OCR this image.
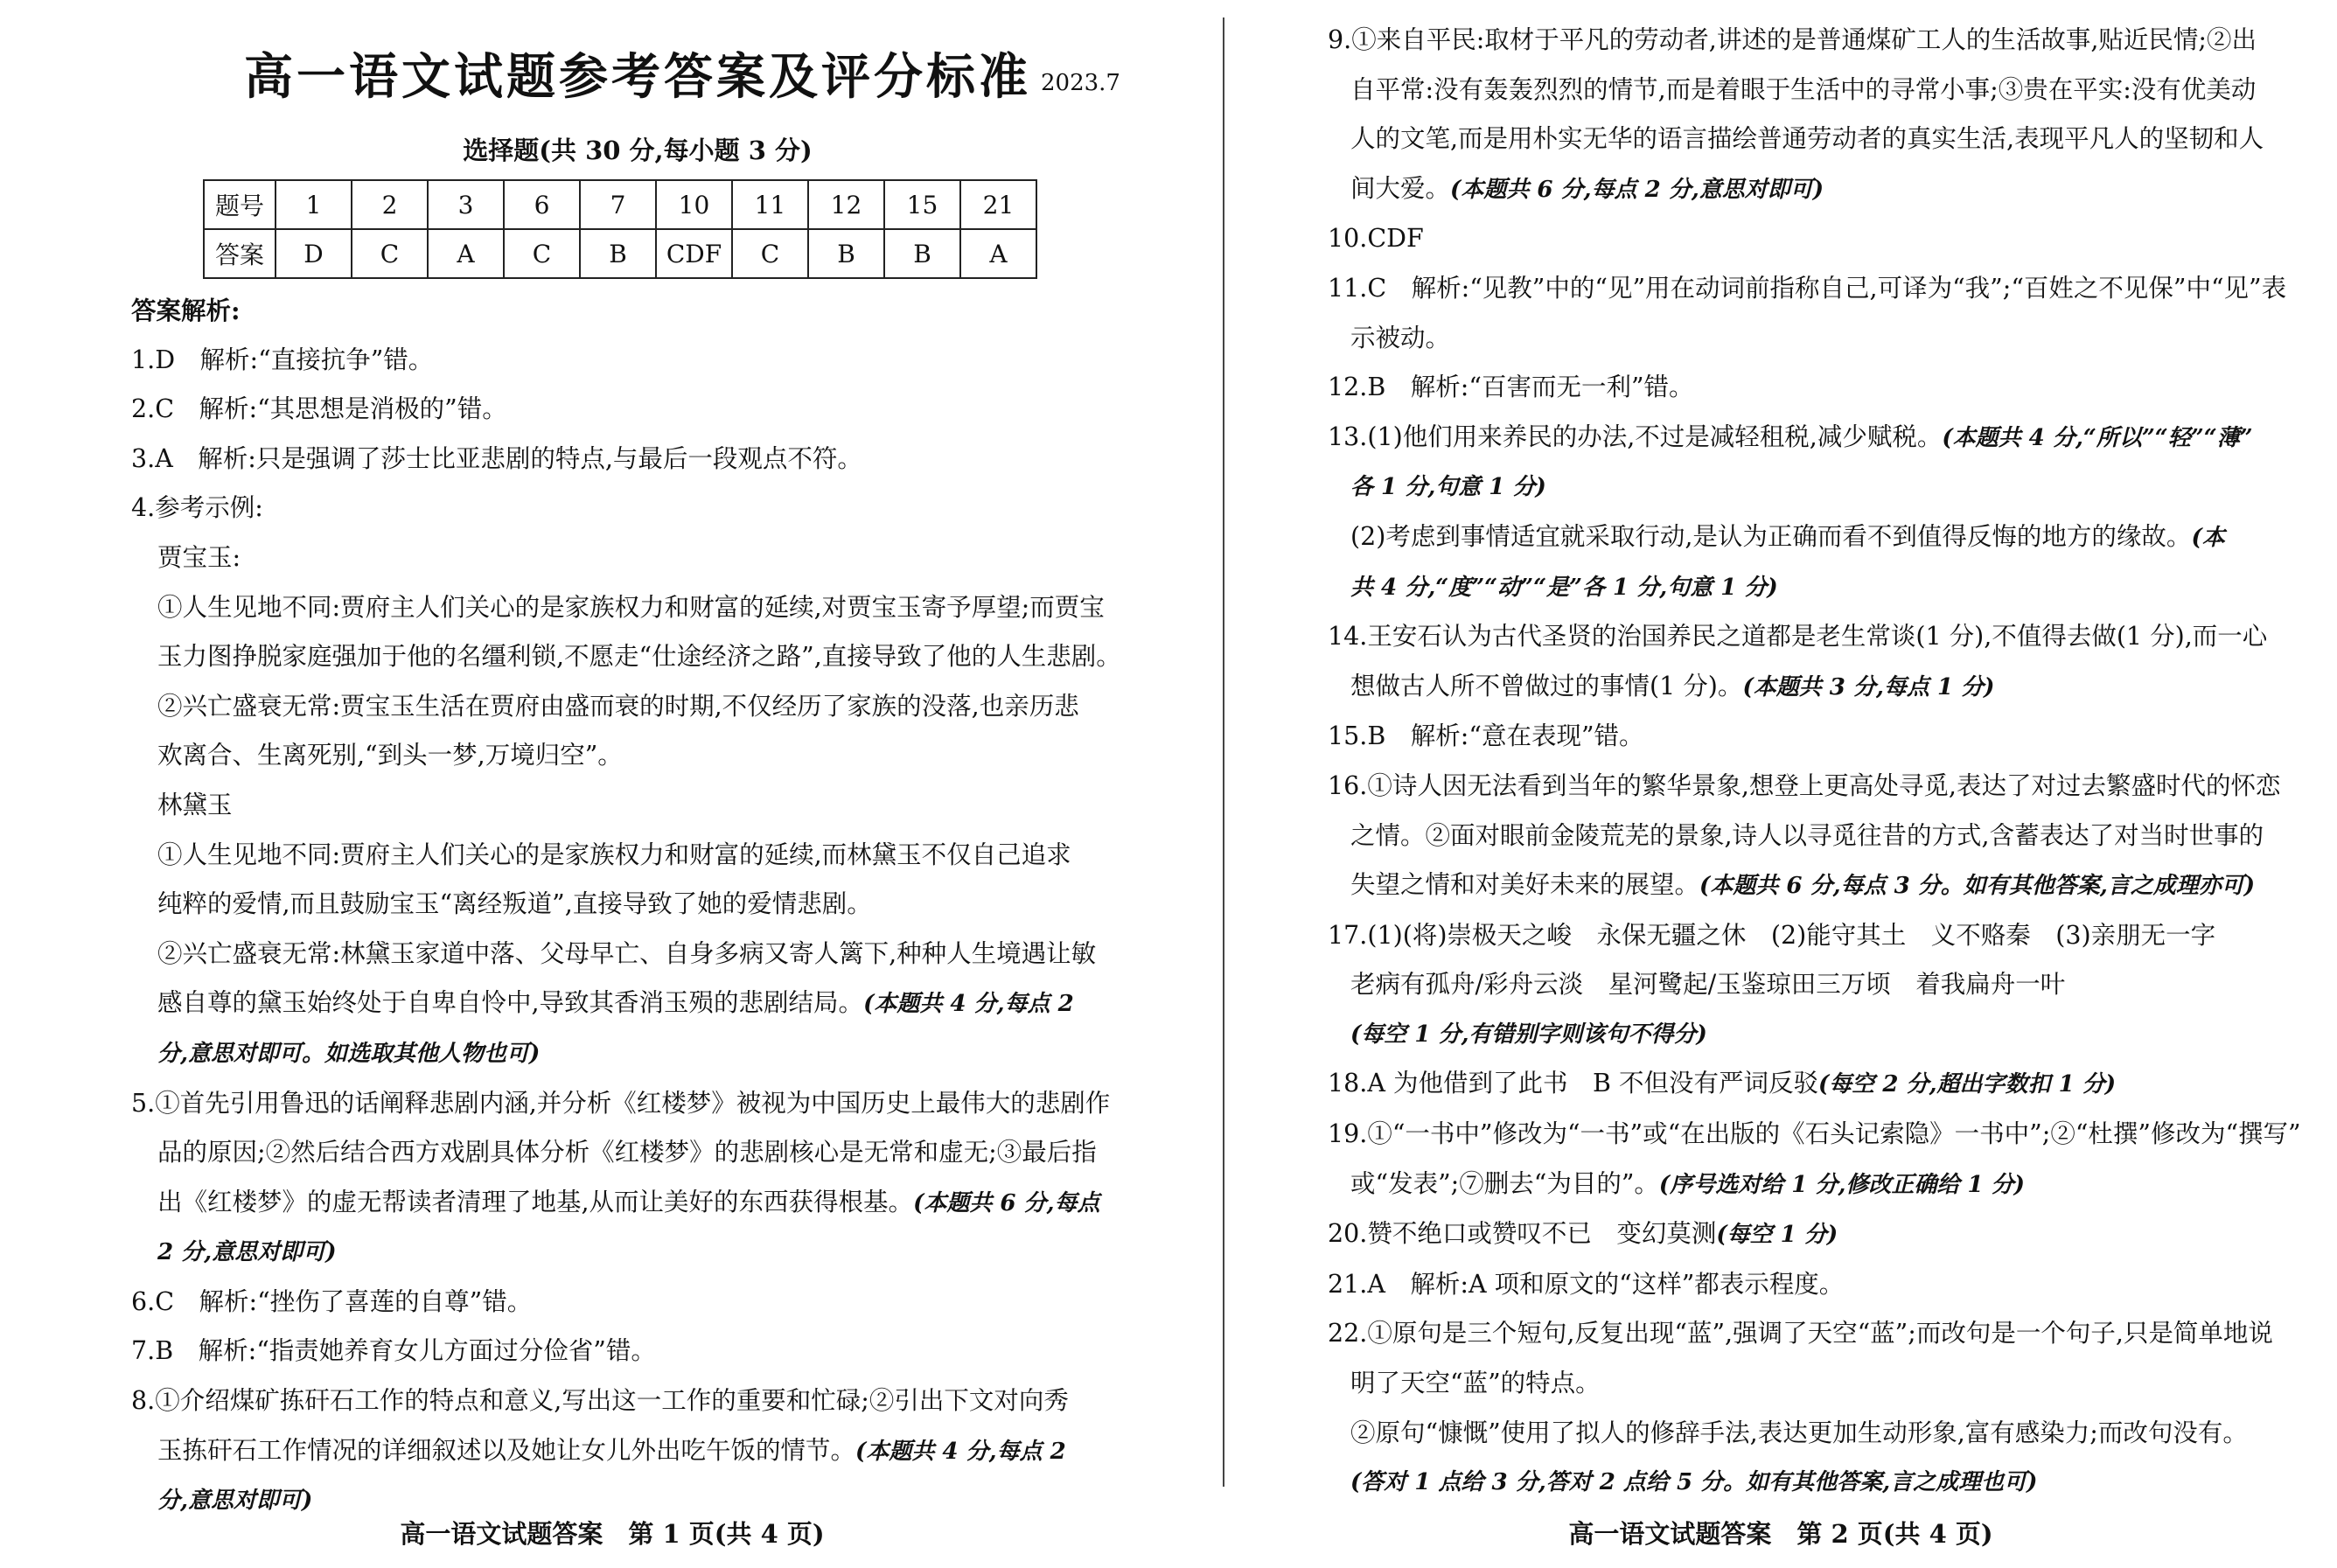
高一语文试题参考答案及评分标准 2023.7
选择题(共 30 分,每小题 3 分)
题号	1	2	3	6	7	10	11	12	15	21
答案	D	C	A	C	B	CDF	C	B	B	A
答案解析:
1.D　解析:“直接抗争”错。
2.C　解析:“其思想是消极的”错。
3.A　解析:只是强调了莎士比亚悲剧的特点,与最后一段观点不符。
4.参考示例:
贾宝玉:
①人生见地不同:贾府主人们关心的是家族权力和财富的延续,对贾宝玉寄予厚望;而贾宝
玉力图挣脱家庭强加于他的名缰利锁,不愿走“仕途经济之路”,直接导致了他的人生悲剧。
②兴亡盛衰无常:贾宝玉生活在贾府由盛而衰的时期,不仅经历了家族的没落,也亲历悲
欢离合、生离死别,“到头一梦,万境归空”。
林黛玉
①人生见地不同:贾府主人们关心的是家族权力和财富的延续,而林黛玉不仅自己追求
纯粹的爱情,而且鼓励宝玉“离经叛道”,直接导致了她的爱情悲剧。
②兴亡盛衰无常:林黛玉家道中落、父母早亡、自身多病又寄人篱下,种种人生境遇让敏
感自尊的黛玉始终处于自卑自怜中,导致其香消玉殒的悲剧结局。(本题共 4 分,每点 2
分,意思对即可。如选取其他人物也可)
5.①首先引用鲁迅的话阐释悲剧内涵,并分析《红楼梦》被视为中国历史上最伟大的悲剧作
品的原因;②然后结合西方戏剧具体分析《红楼梦》的悲剧核心是无常和虚无;③最后指
出《红楼梦》的虚无帮读者清理了地基,从而让美好的东西获得根基。(本题共 6 分,每点
2 分,意思对即可)
6.C　解析:“挫伤了喜莲的自尊”错。
7.B　解析:“指责她养育女儿方面过分俭省”错。
8.①介绍煤矿拣矸石工作的特点和意义,写出这一工作的重要和忙碌;②引出下文对向秀
玉拣矸石工作情况的详细叙述以及她让女儿外出吃午饭的情节。(本题共 4 分,每点 2
分,意思对即可)
9.①来自平民:取材于平凡的劳动者,讲述的是普通煤矿工人的生活故事,贴近民情;②出
自平常:没有轰轰烈烈的情节,而是着眼于生活中的寻常小事;③贵在平实:没有优美动
人的文笔,而是用朴实无华的语言描绘普通劳动者的真实生活,表现平凡人的坚韧和人
间大爱。(本题共 6 分,每点 2 分,意思对即可)
10.CDF
11.C　解析:“见教”中的“见”用在动词前指称自己,可译为“我”;“百姓之不见保”中“见”表
示被动。
12.B　解析:“百害而无一利”错。
13.(1)他们用来养民的办法,不过是减轻租税,减少赋税。(本题共 4 分,“所以”“轻”“薄”
各 1 分,句意 1 分)
(2)考虑到事情适宜就采取行动,是认为正确而看不到值得反悔的地方的缘故。(本
共 4 分,“度”“动”“是”各 1 分,句意 1 分)
14.王安石认为古代圣贤的治国养民之道都是老生常谈(1 分),不值得去做(1 分),而一心
想做古人所不曾做过的事情(1 分)。(本题共 3 分,每点 1 分)
15.B　解析:“意在表现”错。
16.①诗人因无法看到当年的繁华景象,想登上更高处寻觅,表达了对过去繁盛时代的怀恋
之情。②面对眼前金陵荒芜的景象,诗人以寻觅往昔的方式,含蓄表达了对当时世事的
失望之情和对美好未来的展望。(本题共 6 分,每点 3 分。如有其他答案,言之成理亦可)
17.(1)(将)崇极天之峻　永保无疆之休　(2)能守其土　义不赂秦　(3)亲朋无一字
老病有孤舟/彩舟云淡　星河鹭起/玉鉴琼田三万顷　着我扁舟一叶
(每空 1 分,有错别字则该句不得分)
18.A 为他借到了此书　B 不但没有严词反驳(每空 2 分,超出字数扣 1 分)
19.①“一书中”修改为“一书”或“在出版的《石头记索隐》一书中”;②“杜撰”修改为“撰写”
或“发表”;⑦删去“为目的”。(序号选对给 1 分,修改正确给 1 分)
20.赞不绝口或赞叹不已　变幻莫测(每空 1 分)
21.A　解析:A 项和原文的“这样”都表示程度。
22.①原句是三个短句,反复出现“蓝”,强调了天空“蓝”;而改句是一个句子,只是简单地说
明了天空“蓝”的特点。
②原句“慷慨”使用了拟人的修辞手法,表达更加生动形象,富有感染力;而改句没有。
(答对 1 点给 3 分,答对 2 点给 5 分。如有其他答案,言之成理也可)
高一语文试题答案　第 1 页(共 4 页)	高一语文试题答案　第 2 页(共 4 页)
